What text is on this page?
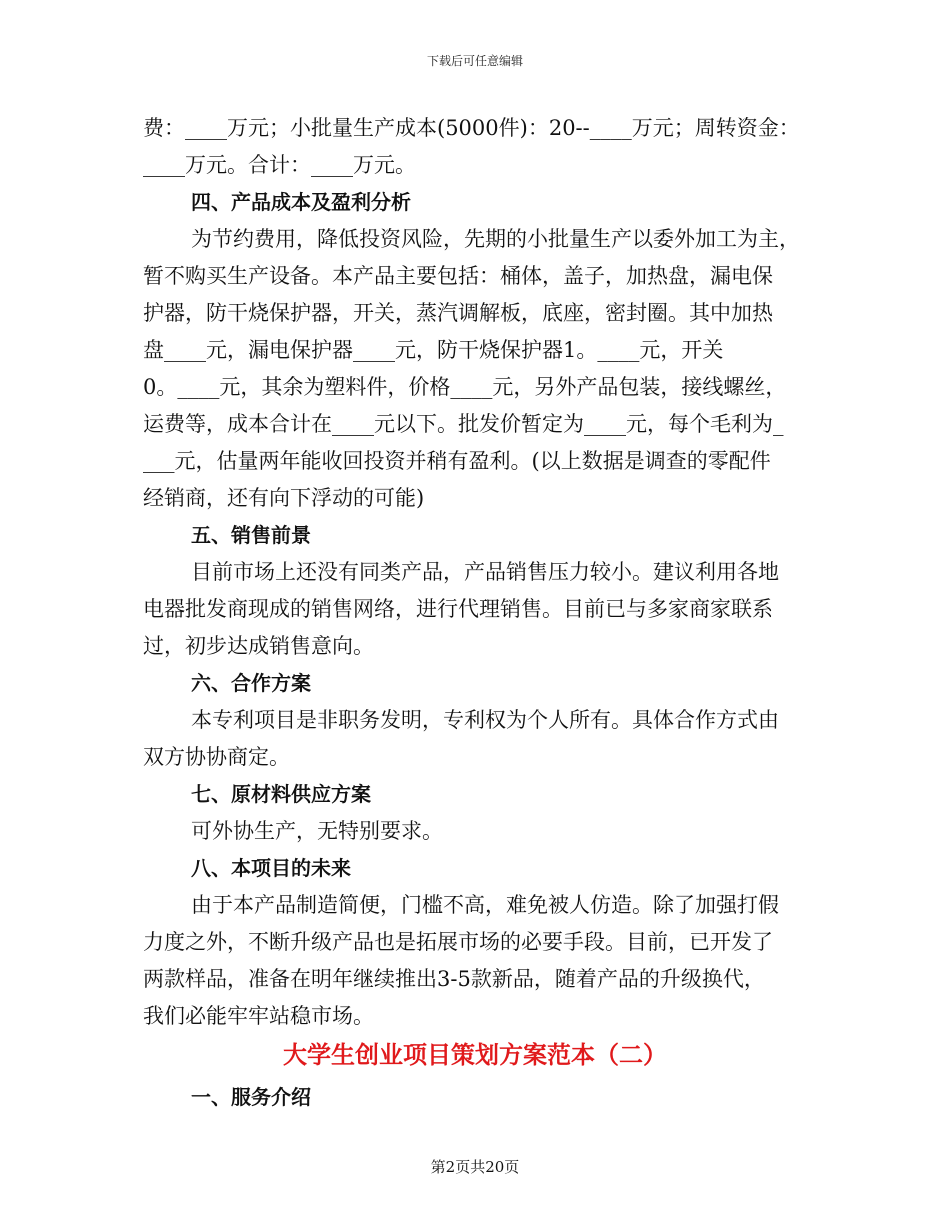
下载后可任意编辑
费：____万元；小批量生产成本(5000件)：20--____万元；周转资金：
____万元。合计：____万元。
四、产品成本及盈利分析
为节约费用，降低投资风险，先期的小批量生产以委外加工为主，
暂不购买生产设备。本产品主要包括：桶体，盖子，加热盘，漏电保
护器，防干烧保护器，开关，蒸汽调解板，底座，密封圈。其中加热
盘____元，漏电保护器____元，防干烧保护器1。____元，开关
0。____元，其余为塑料件，价格____元，另外产品包装，接线螺丝，
运费等，成本合计在____元以下。批发价暂定为____元，每个毛利为_
___元，估量两年能收回投资并稍有盈利。(以上数据是调查的零配件
经销商，还有向下浮动的可能)
五、销售前景
目前市场上还没有同类产品，产品销售压力较小。建议利用各地
电器批发商现成的销售网络，进行代理销售。目前已与多家商家联系
过，初步达成销售意向。
六、合作方案
本专利项目是非职务发明，专利权为个人所有。具体合作方式由
双方协协商定。
七、原材料供应方案
可外协生产，无特别要求。
八、本项目的未来
由于本产品制造简便，门槛不高，难免被人仿造。除了加强打假
力度之外，不断升级产品也是拓展市场的必要手段。目前，已开发了
两款样品，准备在明年继续推出3-5款新品，随着产品的升级换代，
我们必能牢牢站稳市场。
大学生创业项目策划方案范本（二）
一、服务介绍
第2页共20页
